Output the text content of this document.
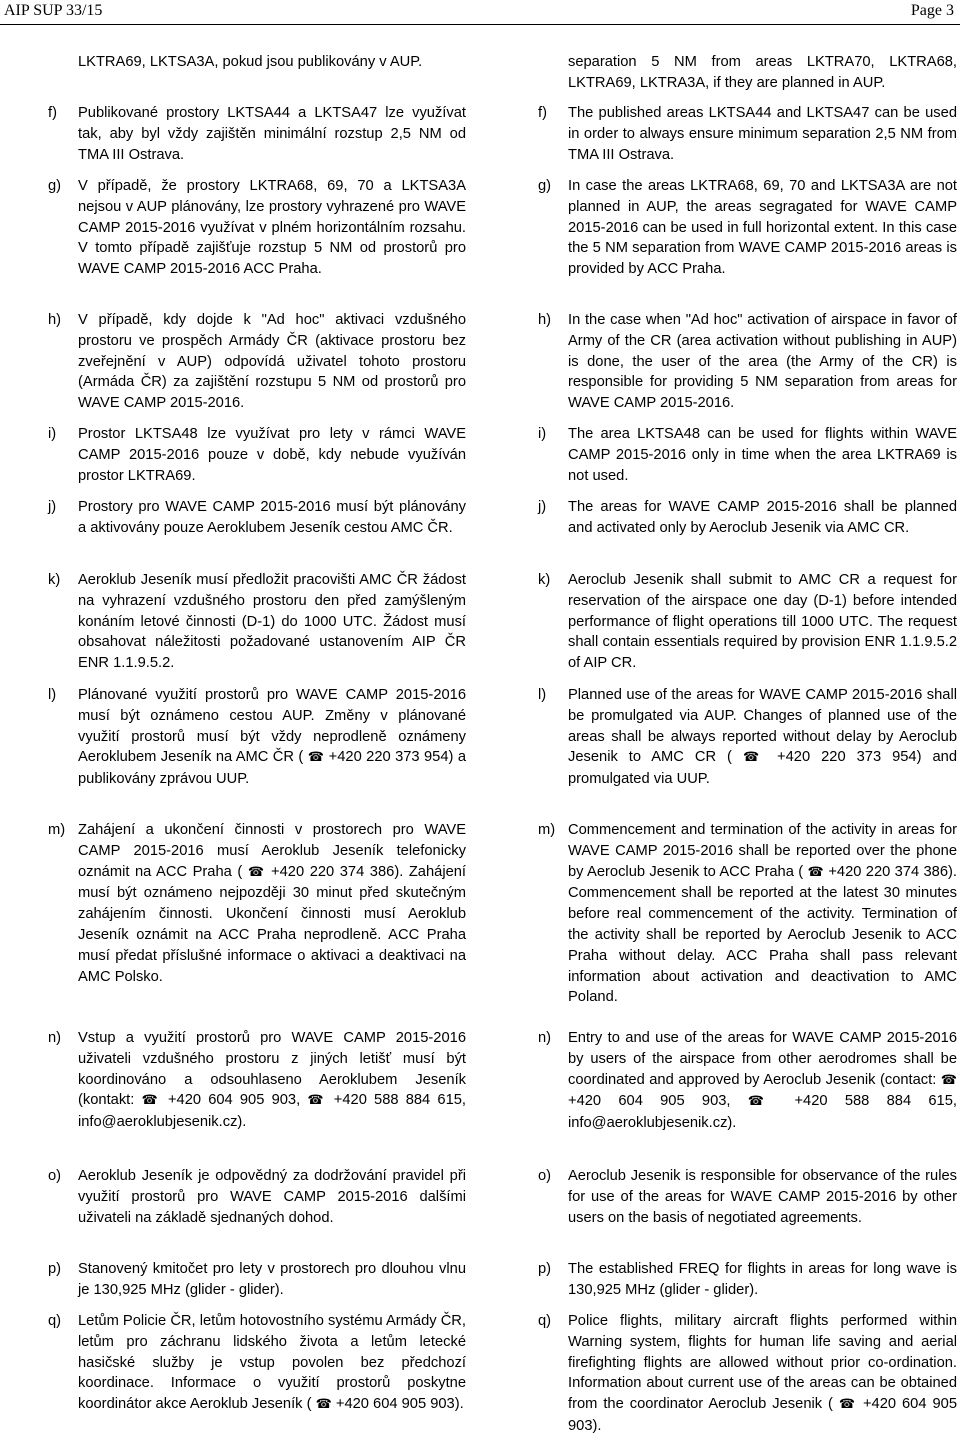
AIP SUP 33/15	Page 3
LKTRA69, LKTSA3A, pokud jsou publikovány v AUP.
f)	Publikované prostory LKTSA44 a LKTSA47 lze využívat tak, aby byl vždy zajištěn minimální rozstup 2,5 NM od TMA III Ostrava.
g)	V případě, že prostory LKTRA68, 69, 70 a LKTSA3A nejsou v AUP plánovány, lze prostory vyhrazené pro WAVE CAMP 2015-2016 využívat v plném horizontálním rozsahu. V tomto případě zajišťuje rozstup 5 NM od prostorů pro WAVE CAMP 2015-2016 ACC Praha.
h)	V případě, kdy dojde k "Ad hoc" aktivaci vzdušného prostoru ve prospěch Armády ČR (aktivace prostoru bez zveřejnění v AUP) odpovídá uživatel tohoto prostoru (Armáda ČR) za zajištění rozstupu 5 NM od prostorů pro WAVE CAMP 2015-2016.
i)	Prostor LKTSA48 lze využívat pro lety v rámci WAVE CAMP 2015-2016 pouze v době, kdy nebude využíván prostor LKTRA69.
j)	Prostory pro WAVE CAMP 2015-2016 musí být plánovány a aktivovány pouze Aeroklubem Jeseník cestou AMC ČR.
k)	Aeroklub Jeseník musí předložit pracovišti AMC ČR žádost na vyhrazení vzdušného prostoru den před zamýšleným konáním letové činnosti (D-1) do 1000 UTC. Žádost musí obsahovat náležitosti požadované ustanovením AIP ČR ENR 1.1.9.5.2.
l)	Plánované využití prostorů pro WAVE CAMP 2015-2016 musí být oznámeno cestou AUP. Změny v plánované využití prostorů musí být vždy neprodleně oznámeny Aeroklubem Jeseník na AMC ČR ( ☎ +420 220 373 954) a publikovány zprávou UUP.
m) Zahájení a ukončení činnosti v prostorech pro WAVE CAMP 2015-2016 musí Aeroklub Jeseník telefonicky oznámit na ACC Praha ( ☎ +420 220 374 386). Zahájení musí být oznámeno nejpozději 30 minut před skutečným zahájením činnosti. Ukončení činnosti musí Aeroklub Jeseník oznámit na ACC Praha neprodleně. ACC Praha musí předat příslušné informace o aktivaci a deaktivaci na AMC Polsko.
n)	Vstup a využití prostorů pro WAVE CAMP 2015-2016 uživateli vzdušného prostoru z jiných letišť musí být koordinováno a odsouhlaseno Aeroklubem Jeseník (kontakt: ☎ +420 604 905 903, ☎ +420 588 884 615, info@aeroklubjesenik.cz).
o)	Aeroklub Jeseník je odpovědný za dodržování pravidel při využití prostorů pro WAVE CAMP 2015-2016 dalšími uživateli na základě sjednaných dohod.
p)	Stanovený kmitočet pro lety v prostorech pro dlouhou vlnu je 130,925 MHz (glider - glider).
q)	Letům Policie ČR, letům hotovostního systému Armády ČR, letům pro záchranu lidského života a letům letecké hasičské služby je vstup povolen bez předchozí koordinace. Informace o využití prostorů poskytne koordinátor akce Aeroklub Jeseník ( ☎ +420 604 905 903).
separation 5 NM from areas LKTRA70, LKTRA68, LKTRA69, LKTRA3A, if they are planned in AUP.
f)	The published areas LKTSA44 and LKTSA47 can be used in order to always ensure minimum separation 2,5 NM from TMA III Ostrava.
g)	In case the areas LKTRA68, 69, 70 and LKTSA3A are not planned in AUP, the areas segragated for WAVE CAMP 2015-2016 can be used in full horizontal extent. In this case the 5 NM separation from WAVE CAMP 2015-2016 areas is provided by ACC Praha.
h)	In the case when "Ad hoc" activation of airspace in favor of Army of the CR (area activation without publishing in AUP) is done, the user of the area (the Army of the CR) is responsible for providing 5 NM separation from areas for WAVE CAMP 2015-2016.
i)	The area LKTSA48 can be used for flights within WAVE CAMP 2015-2016 only in time when the area LKTRA69 is not used.
j)	The areas for WAVE CAMP 2015-2016 shall be planned and activated only by Aeroclub Jesenik via AMC CR.
k)	Aeroclub Jesenik shall submit to AMC CR a request for reservation of the airspace one day (D-1) before intended performance of flight operations till 1000 UTC. The request shall contain essentials required by provision ENR 1.1.9.5.2 of AIP CR.
l)	Planned use of the areas for WAVE CAMP 2015-2016 shall be promulgated via AUP. Changes of planned use of the areas shall be always reported without delay by Aeroclub Jesenik to AMC CR ( ☎ +420 220 373 954) and promulgated via UUP.
m) Commencement and termination of the activity in areas for WAVE CAMP 2015-2016 shall be reported over the phone by Aeroclub Jesenik to ACC Praha ( ☎ +420 220 374 386). Commencement shall be reported at the latest 30 minutes before real commencement of the activity. Termination of the activity shall be reported by Aeroclub Jesenik to ACC Praha without delay. ACC Praha shall pass relevant information about activation and deactivation to AMC Poland.
n)	Entry to and use of the areas for WAVE CAMP 2015-2016 by users of the airspace from other aerodromes shall be coordinated and approved by Aeroclub Jesenik (contact: ☎ +420 604 905 903, ☎ +420 588 884 615, info@aeroklubjesenik.cz).
o)	Aeroclub Jesenik is responsible for observance of the rules for use of the areas for WAVE CAMP 2015-2016 by other users on the basis of negotiated agreements.
p)	The established FREQ for flights in areas for long wave is 130,925 MHz (glider - glider).
q)	Police flights, military aircraft flights performed within Warning system, flights for human life saving and aerial firefighting flights are allowed without prior co-ordination. Information about current use of the areas can be obtained from the coordinator Aeroclub Jesenik ( ☎ +420 604 905 903).
